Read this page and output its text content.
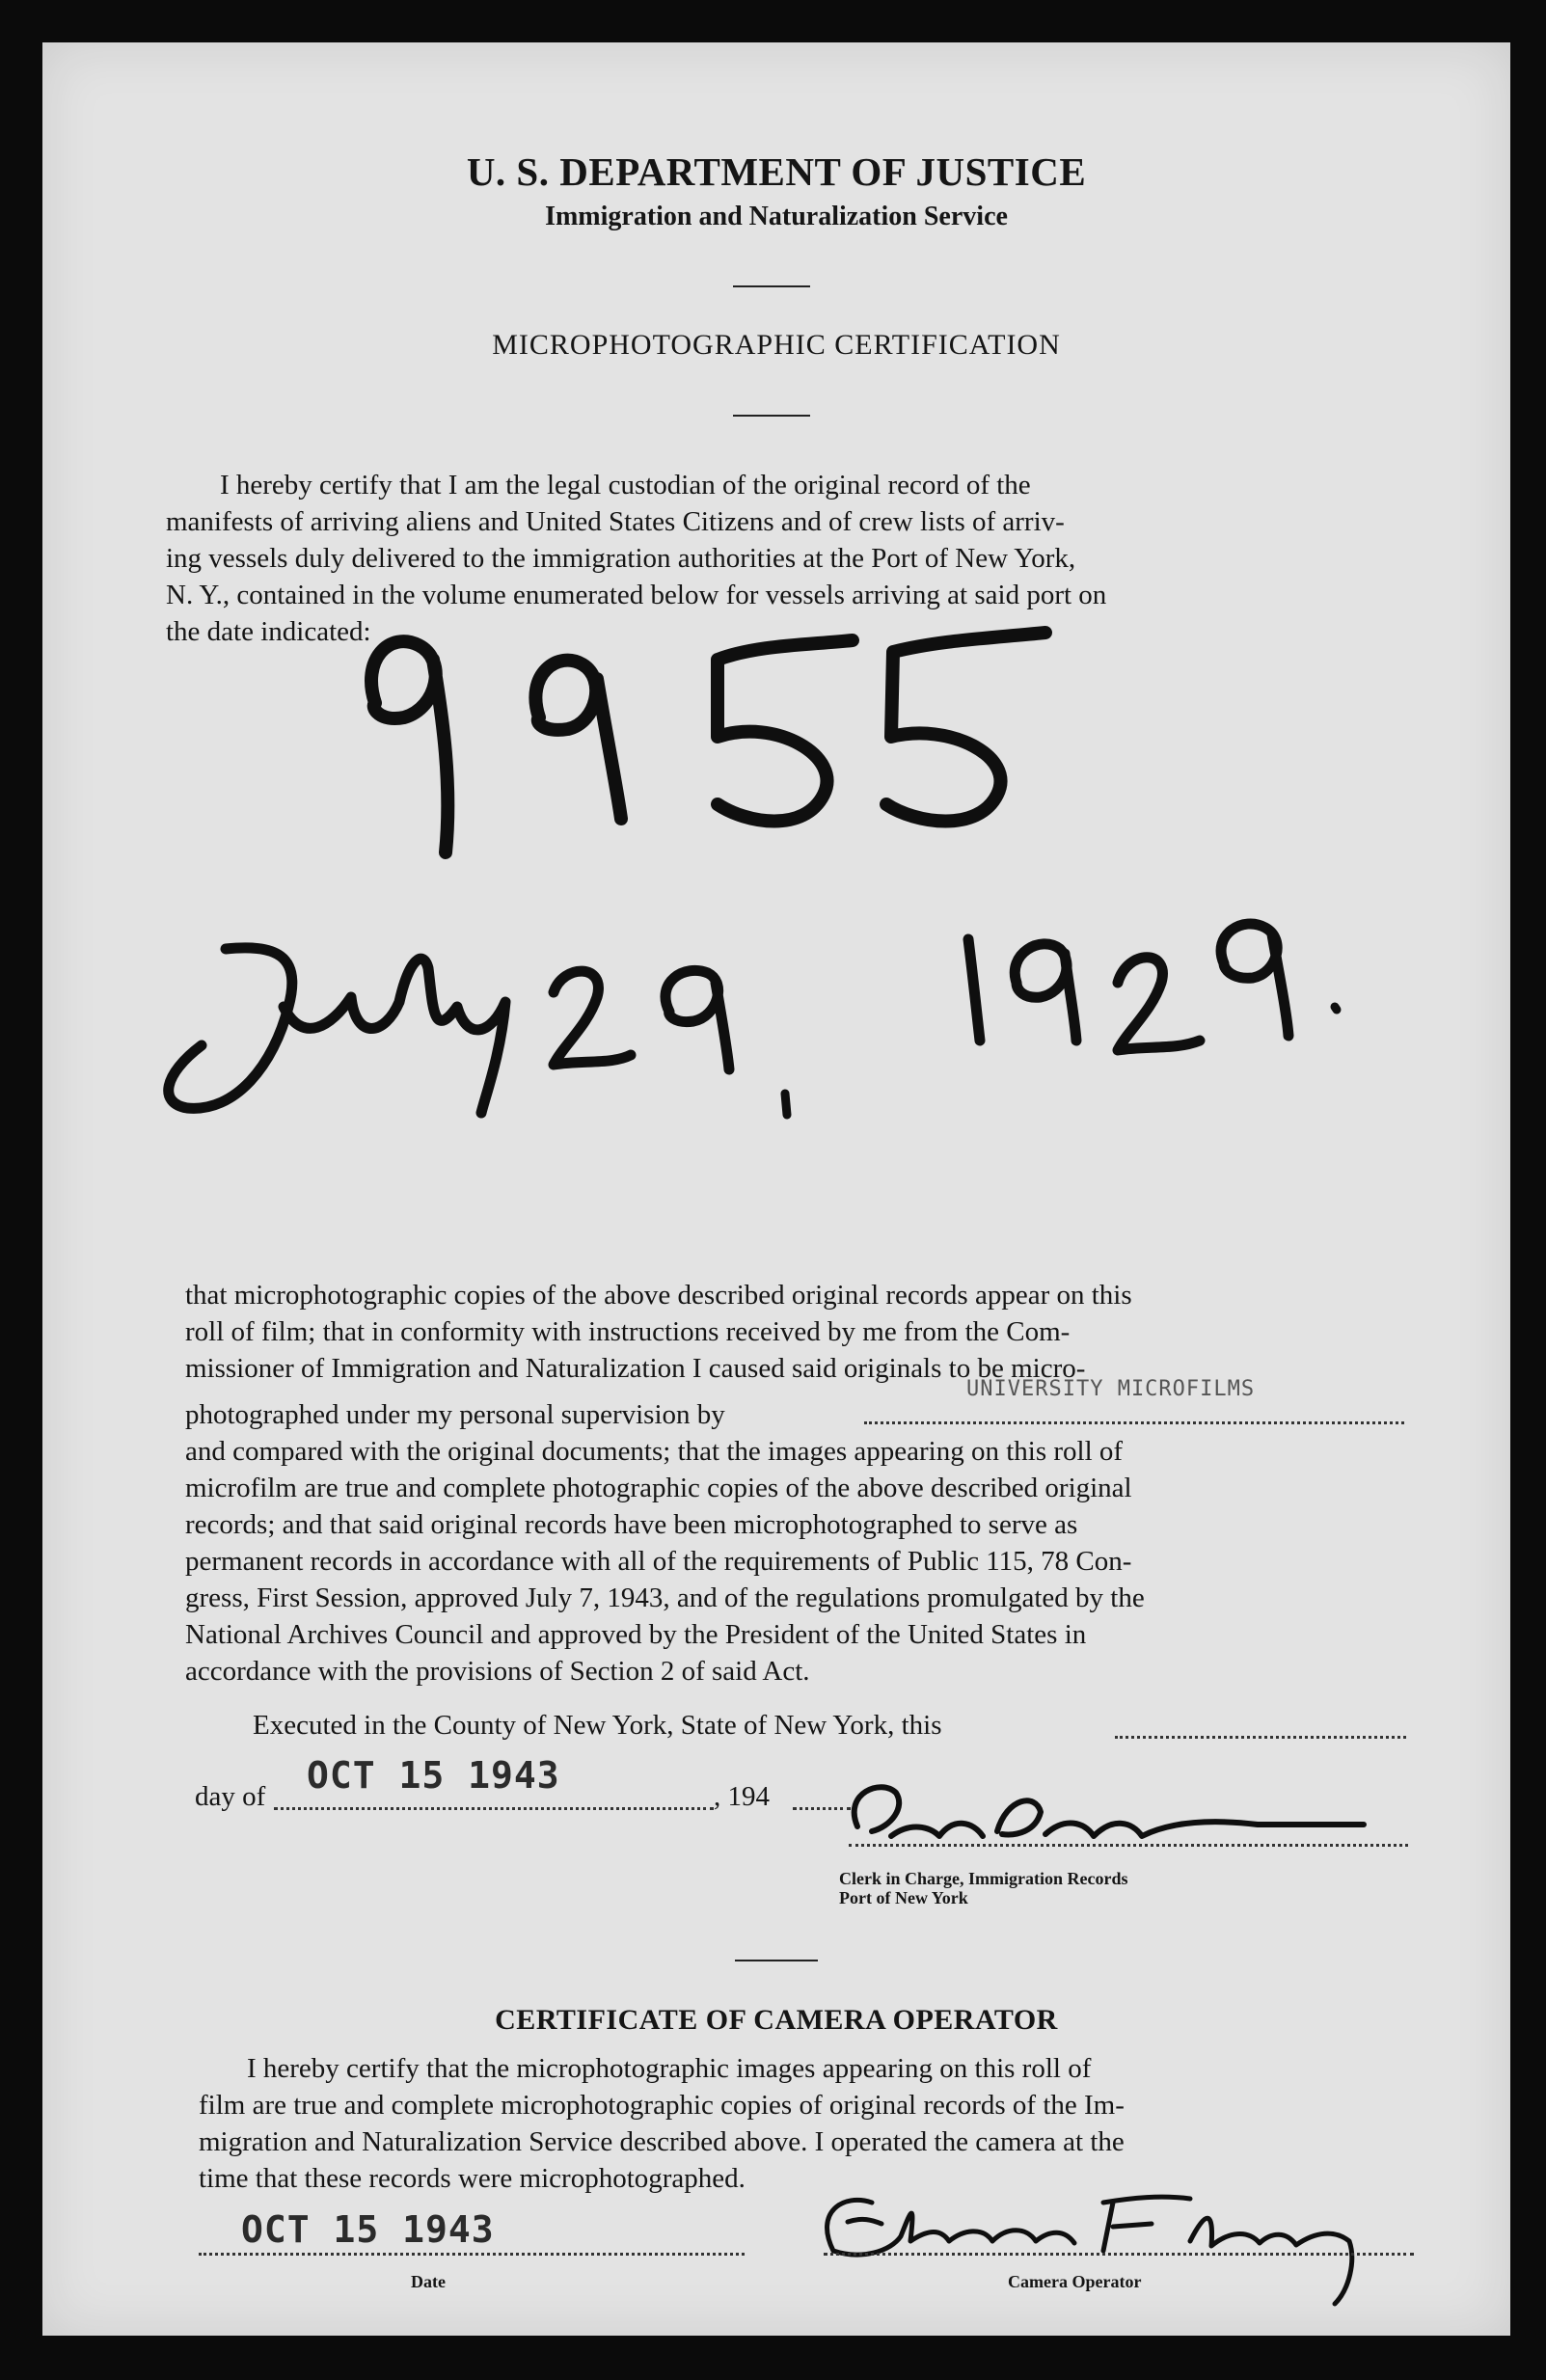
U. S. DEPARTMENT OF JUSTICE
Immigration and Naturalization Service
MICROPHOTOGRAPHIC CERTIFICATION
I hereby certify that I am the legal custodian of the original record of the
manifests of arriving aliens and United States Citizens and of crew lists of arriv-
ing vessels duly delivered to the immigration authorities at the Port of New York,
N. Y., contained in the volume enumerated below for vessels arriving at said port on
the date indicated:
that microphotographic copies of the above described original records appear on this
roll of film; that in conformity with instructions received by me from the Com-
missioner of Immigration and Naturalization I caused said originals to be micro-
photographed under my personal supervision by
UNIVERSITY MICROFILMS
and compared with the original documents; that the images appearing on this roll of
microfilm are true and complete photographic copies of the above described original
records; and that said original records have been microphotographed to serve as
permanent records in accordance with all of the requirements of Public 115, 78 Con-
gress, First Session, approved July 7, 1943, and of the regulations promulgated by the
National Archives Council and approved by the President of the United States in
accordance with the provisions of Section 2 of said Act.
Executed in the County of New York, State of New York, this
day of OCT 15 1943	, 194
Clerk in Charge, Immigration Records
Port of New York
CERTIFICATE OF CAMERA OPERATOR
I hereby certify that the microphotographic images appearing on this roll of
film are true and complete microphotographic copies of original records of the Im-
migration and Naturalization Service described above. I operated the camera at the
time that these records were microphotographed.
OCT 15 1943
Date	Camera Operator
